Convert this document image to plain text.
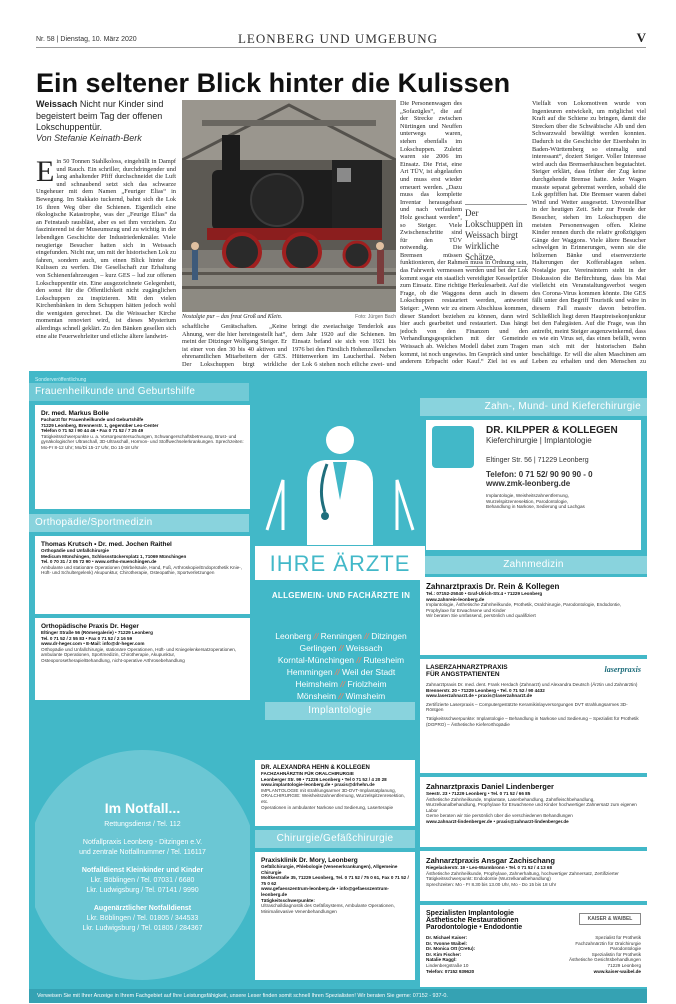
Nr. 58 | Dienstag, 10. März 2020	LEONBERG UND UMGEBUNG	V
Ein seltener Blick hinter die Kulissen
Weissach Nicht nur Kinder sind begeistert beim Tag der offenen Lokschuppentür.
Von Stefanie Keinath-Berk
Ein 50 Tonnen Stahlkoloss, eingehüllt in Dampf und Rauch. Ein schriller, durchdringender und lang anhaltender Pfiff durchschneidet die Luft und schnaubend setzt sich das schwarze Ungeheuer mit dem Namen „Feuriger Elias“ in Bewegung. Im Stakkato tuckernd, bahnt sich die Lok 16 ihren Weg über die Schienen. Eigentlich eine ökologische Katastrophe, was der „Feurige Elias“ da an Feinstaub rausbläst, aber es sei ihm verziehen. Zu faszinierend ist der Museumszug und zu wichtig in der lebendigen Geschichte der Industriedenkmäler. Viele neugierige Besucher hatten sich in Weissach eingefunden. Nicht nur, um mit der historischen Lok zu fahren, sondern auch, um einen Blick hinter die Kulissen zu werfen. Die Gesellschaft zur Erhaltung von Schienenfahrzeugen – kurz GES – lud zur offenen Lokschuppentür ein. Eine ausgezeichnete Gelegenheit, den sonst für die Öffentlichkeit nicht zugänglichen Lokschuppen zu inspizieren. Mit den vielen Kirchenbänken in dem Schuppen hätten jedoch wohl die wenigsten gerechnet. Da die Weissacher Kirche momentan renoviert wird, ist dieses Mysterium allerdings schnell geklärt. Zu den Bänken gesellen sich eine alte Feuerwehrleiter und etliche ältere landwirt-
Foto: Jürgen Bach
Nostalgie pur – das freut Groß und Klein.
schaftliche Gerätschaften. „Keine Ahnung, wer die hier hereingestellt hat“, meint der Ditzinger Wolfgang Steiger. Er ist einer von den 30 bis 40 aktiven und ehrenamtlichen Mitarbeitern der GES. Der Lokschuppen birgt wirkliche
bringt die zweiachsige Tenderlok aus dem Jahr 1920 auf die Schienen. Im Einsatz befand sie sich von 1921 bis 1976 bei den Fürstlich Hohenzollerschen Hüttenwerken im Laucherthal. Neben der Lok 6 stehen noch etliche zwei- und
Die Personenwagen des „Sofazügles“, die auf der Strecke zwischen Nürtingen und Neuffen unterwegs waren, stehen ebenfalls im Lokschuppen. Zuletzt waren sie 2006 im Einsatz. Die Frist, eine Art TÜV, ist abgelaufen und muss erst wieder erneuert werden. „Dazu muss das komplette Inventar herausgebaut und nach verfaultem Holz geschaut werden“, so Steiger. Viele Zwischenschritte sind für den TÜV notwendig. Die Bremsen müssen funktionieren, der Rahmen muss in Ordnung sein, das Fahrwerk vermessen werden und bei der Lok kommt sogar ein staatlich vereidigter Kesselprüfer zum Einsatz. Eine richtige Herkulesarbeit. Auf die Frage, ob die Waggons denn auch in diesem Lokschuppen restauriert werden, antwortet Steiger: „Wenn wir zu einem Abschluss kommen, dieser Standort beziehen zu können, dann wird hier auch gearbeitet und restauriert. Das hängt jedoch von den Finanzen und den Verhandlungsgesprächen mit der Gemeinde Weissach ab. Welches Modell dabei zum Tragen kommt, ist noch ungewiss. Im Gespräch sind unter anderem Erbpacht oder Kauf.“ Ziel ist es auf
Der Lokschuppen in Weissach birgt wirkliche Schätze.
Vielfalt von Lokomotiven wurde von Ingenieuren entwickelt, um möglichst viel Kraft auf die Schiene zu bringen, damit die Strecken über die Schwäbische Alb und den Schwarzwald bewältigt werden konnten. Dadurch ist die Geschichte der Eisenbahn in Baden-Württemberg so einmalig und interessant“, doziert Steiger. Voller Interesse wird auch das Bremserhäuschen begutachtet. Steiger erklärt, dass früher der Zug keine durchgehende Bremse hatte. Jeder Wagen musste separat gebremst werden, sobald die Lok gepfiffen hat. Die Bremser waren dabei Wind und Wetter ausgesetzt. Unvorstellbar in der heutigen Zeit. Sehr zur Freude der Besucher, stehen im Lokschuppen die meisten Personenwagen offen. Kleine Kinder rennen durch die relativ großzügigen Gänge der Waggons. Viele ältere Besucher schwelgen in Erinnerungen, wenn sie die hölzernen Bänke und eisenverzierte Halterungen der Kofferablagen sehen. Nostalgie pur. Vereinsintern steht in der Diskussion die Befürchtung, dass bis Mai vielleicht ein Veranstaltungsverbot wegen des Corona-Virus kommen könnte. Die GES fällt unter den Begriff Touristik und wäre in diesem Fall massiv davon betroffen. Schließlich liegt deren Hauptreisekonjunktur bei den Fahrgästen. Auf die Frage, was ihn antreibt, meint Steiger augenzwinkernd, dass es wie ein Virus sei, das einen befällt, wenn man sich mit der historischen Bahn beschäftige. Er will die alten Maschinen am Leben zu erhalten und den Menschen zu
Sonderveröffentlichung
Frauenheilkunde und Geburtshilfe
Dr. med. Markus Bolle
Facharzt für Frauenheilkunde und Geburtshilfe
71229 Leonberg, Brennerstr. 1, gegenüber Leo-Center
Telefon 0 71 52 / 90 44 46 • Fax 0 71 52 / 7 25 49
Tätigkeitsschwerpunkte u. a. Vorsorgeuntersuchungen, Schwangerschaftsbetreuung, Brust- und gynäkologischer Ultraschall, 3D-Ultraschall, Hormon- und Stoffwechselerkrankungen. Sprechzeiten: Mo-Fr 8-12 Uhr; Mo/Di 15-17 Uhr, Do 15-18 Uhr
Orthopädie/Sportmedizin
Thomas Krutsch • Dr. med. Jochen Raithel
Orthopädie und Unfallchirurgie
Medicum Münchingen, Schlossstückersplatz 1, 71069 Münchingen
Tel. 0 70 31 / 2 05 72 90 • www.ortho-muenchingen.de
Ambulante und stationäre Operationen (Wirbelsäule, Hand, Fuß, Arthroskopie/Endoprothetik Knie-, Hüft- und Schultergelenk) Akupunktur, Chirotherapie, Osteopathie, Sportverletzungen
Orthopädische Praxis Dr. Heger
Eltinger Straße 56 (Römergalerie) • 71229 Leonberg
Tel. 0 71 52 / 2 55 83 • Fax 0 71 52 / 2 16 59
www.dr-heger.com • E-Mail: info@dr-heger.com
Orthopädie und Unfallchirurgie, stationäre Operationen, Hüft- und Kniegelenkersatzoperationen, ambulante Operationen, Sportmedizin, Chirotherapie, Akupunktur, Osteoporosetherapie/Behandlung, nicht-operative Arthrosebehandlung
IHRE ÄRZTE
ALLGEMEIN- UND FACHÄRZTE IN
Leonberg // Renningen // Ditzingen
Gerlingen // Weissach
Korntal-Münchingen // Rutesheim
Hemmingen // Weil der Stadt
Heimsheim // Friolzheim
Mönsheim // Wimsheim
Implantologie
Im Notfall...
Rettungsdienst / Tel. 112
Notfallpraxis Leonberg - Ditzingen e.V.
und zentrale Notfallnummer / Tel. 116117
Notfalldienst Kleinkinder und Kinder
Lkr. Böblingen / Tel. 07031 / 6680
Lkr. Ludwigsburg / Tel. 07141 / 9990
Augenärztlicher Notfalldienst
Lkr. Böblingen / Tel. 01805 / 344533
Lkr. Ludwigsburg / Tel. 01805 / 284367
DR. ALEXANDRA HEHN & KOLLEGEN
FACHZAHNÄRZTIN FÜR ORALCHIRURGIE
Leonberger Str. 99 • 71226 Leonberg • Tel 0 71 52 / 4 20 28
www.implantologie-leonberg.de • praxis@drhehn.de
IMPLANTOLOGIE mit strahlungsarmer 3D-DVT-Implantatplanung, ORALCHIRURGIE: Weisheitszahnentfernung, Wurzelspitzenresektion, etc.
Operationen in ambulanter Narkose und Sedierung, Laserterapie
Chirurgie/Gefäßchirurgie
Praxisklinik Dr. Mory, Leonberg
Gefäßchirurgie, Phlebologie (Venenerkrankungen), Allgemeine Chirurgie
Moltkestraße 35, 71229 Leonberg, Tel. 0 71 52 / 75 0 61, Fax 0 71 52 / 75 0 62
www.gefaesszentrum-leonberg.de • info@gefaesszentrum-leonberg.de
Tätigkeitsschwerpunkte:
Ultraschalldiagnostik des Gefäßsystems, Ambulante Operationen, Minimalinvasive Venenbehandlungen
Zahn-, Mund- und Kieferchirurgie
DR. KILPPER & KOLLEGEN
Kieferchirurgie | Implantologie
Eltinger Str. 56 | 71229 Leonberg
Telefon: 0 71 52/ 90 90 90 - 0
www.zmk-leonberg.de
Implantologie, Weisheitszahnentfernung,
Wurzelspitzenresektion, Parodontologie,
Behandlung in Narkose, Sedierung und Lachgas
Zahnmedizin
Zahnarztpraxis Dr. Rein & Kollegen
Tel.: 07152-25040 • Graf-Ulrich-Str.4 • 71229 Leonberg
www.zahnrein-leonberg.de
Implantologie, Ästhetische Zahnheilkunde, Prothetik, Oralchirurgie, Parodontologie, Endodontie, Prophylaxe für Erwachsene und Kinder
Wir beraten Sie umfassend, persönlich und qualifiziert
laserpraxis
LASERZAHNARZTPRAXIS
FÜR ANGSTPATIENTEN
Zahnarztpraxis Dr. med. dent. Frank Herdach (Zahnarzt) und Alexandra Deutsch (Ärztin und Zahnärztin)
Brennerstr. 20 • 71229 Leonberg • Tel. 0 71 52 / 90 4432
www.laserzahnarzt.de • praxis@laserzahnarzt.de
Zertifizierte Laserpraxis – Computergestützte Keramikinlayversorgungen DVT strahlungsarmes 3D-Röntgen
Tätigkeitsschwerpunkte: Implantologie – Behandlung in Narkose und Sedierung – Spezialist für Prothetik (DGPRO) – Ästhetische Kieferorthopädie
Zahnarztpraxis Daniel Lindenberger
Seestr. 23 • 71229 Leonberg • Tel. 0 71 52 / 66 85
Ästhetische Zahnheilkunde, Implantate, Laserbehandlung, Zahnfleischbehandlung, Wurzelkanalbehandlung, Prophylaxe für Erwachsene und Kinder hochwertiger Zahnersatz zum eigenen Labor
Gerne beraten wir Sie persönlich über die verschiedenen Behandlungen
www.zahnarzt-lindenberger.de • praxis@zahnarzt-lindenberger.de
Zahnarztpraxis Ansgar Zachischang
Riegelackerstr. 19 • Leo-Warmbronn • Tel. 0 71 52 / 4 13 68
Ästhetische Zahnheilkunde, Prophylaxe, Zahnerhaltung, hochwertiger Zahnersatz, Zertifizierter Tätigkeitsschwerpunkt: Endodontie (Wurzelkanalbehandlung)
Sprechzeiten: Mo - Fr 8.30 bis 13.00 Uhr, Mo - Do 15 bis 18 Uhr
KAISER & WAIBEL
Spezialisten Implantologie
Ästhetische Restaurationen
Parodontologie • Endodontie
Dr. Michael Kaiser:
Dr. Yvonne Waibel:
Dr. Monica Ott (Cretu):
Dr. Kim Fischer:
Natalie Raggl:
Spezialist für Prothetik
Fachzahnärztin für Oralchirurgie
Parodontologie
Spezialistin für Prothetik
Ästhetische Gesichtsbehandlungen
Lindenbergstraße 10
Telefon: 07152 939620
71229 Leonberg
www.kaiser-waibel.de
Verweisen Sie mit Ihrer Anzeige in Ihrem Fachgebiet auf Ihre Leistungsfähigkeit, unsere Leser finden somit schnell Ihren Spezialisten! Wir beraten Sie gerne: 07152 - 937-0.
